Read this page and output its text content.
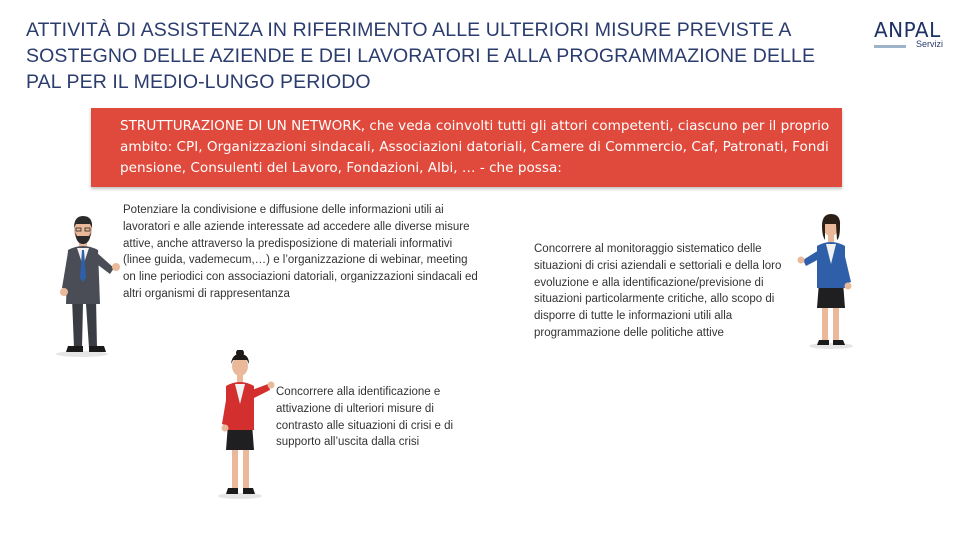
ATTIVITÀ DI ASSISTENZA IN RIFERIMENTO ALLE ULTERIORI MISURE PREVISTE A SOSTEGNO DELLE AZIENDE E DEI LAVORATORI E ALLA PROGRAMMAZIONE DELLE PAL PER IL MEDIO-LUNGO PERIODO
ANPAL
Servizi

STRUTTURAZIONE DI UN NETWORK, che veda coinvolti tutti gli attori competenti, ciascuno per il proprio ambito: CPI, Organizzazioni sindacali, Associazioni datoriali, Camere di Commercio, Caf, Patronati, Fondi pensione, Consulenti del Lavoro, Fondazioni, Albi, … - che possa:

Potenziare la condivisione e diffusione delle informazioni utili ai lavoratori e alle aziende interessate ad accedere alle diverse misure attive, anche attraverso la predisposizione di materiali informativi (linee guida, vademecum,…) e l’organizzazione di webinar, meeting on line periodici con associazioni datoriali, organizzazioni sindacali ed altri organismi di rappresentanza

Concorrere al monitoraggio sistematico delle situazioni di crisi aziendali e settoriali e della loro evoluzione e alla identificazione/previsione di situazioni particolarmente critiche, allo scopo di disporre di tutte le informazioni utili alla programmazione delle politiche attive

Concorrere alla identificazione e attivazione di ulteriori misure di contrasto alle situazioni di crisi e di supporto all’uscita dalla crisi
